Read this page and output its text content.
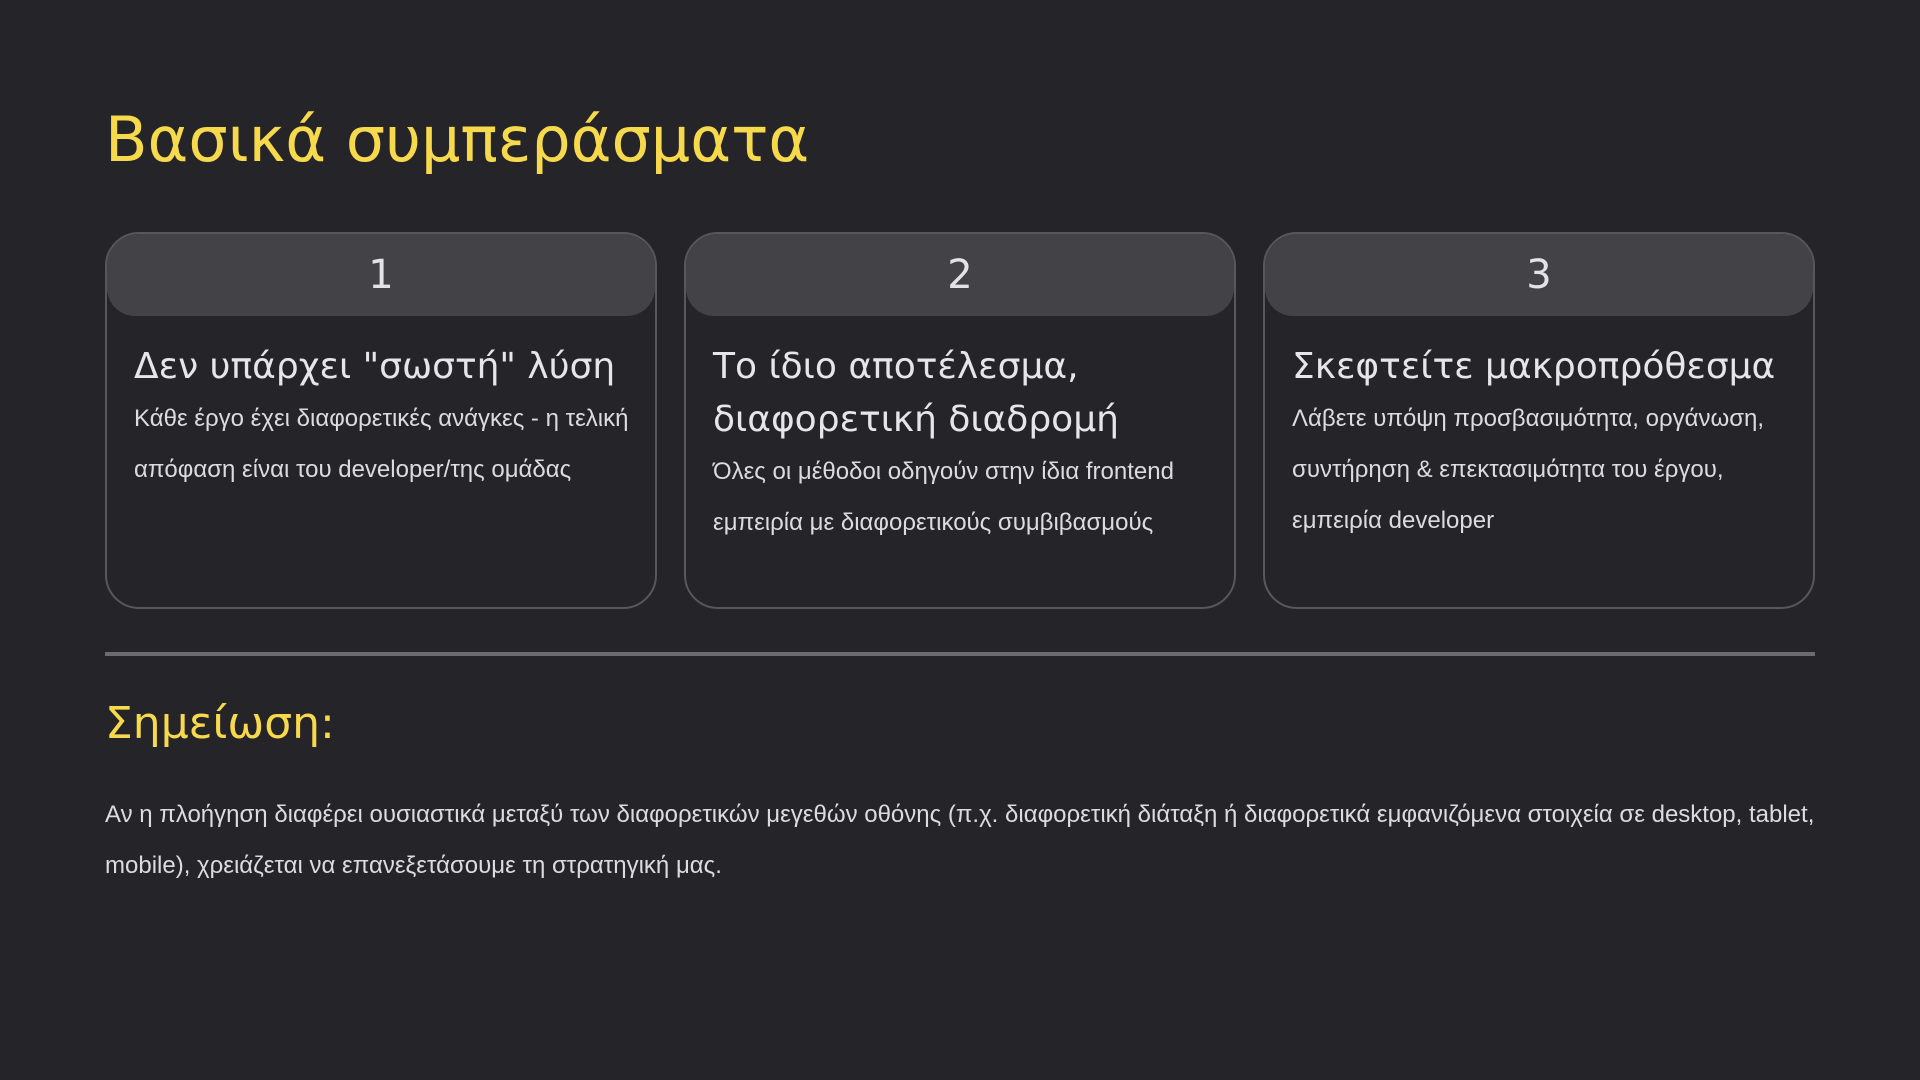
Βασικά συμπεράσματα
1
Δεν υπάρχει "σωστή" λύση
Κάθε έργο έχει διαφορετικές ανάγκες - η τελική απόφαση είναι του developer/της ομάδας
2
Το ίδιο αποτέλεσμα, διαφορετική διαδρομή
Όλες οι μέθοδοι οδηγούν στην ίδια frontend εμπειρία με διαφορετικούς συμβιβασμούς
3
Σκεφτείτε μακροπρόθεσμα
Λάβετε υπόψη προσβασιμότητα, οργάνωση, συντήρηση & επεκτασιμότητα του έργου, εμπειρία developer
Σημείωση:

Αν η πλοήγηση διαφέρει ουσιαστικά μεταξύ των διαφορετικών μεγεθών οθόνης (π.χ. διαφορετική διάταξη ή διαφορετικά εμφανιζόμενα στοιχεία σε desktop, tablet, mobile), χρειάζεται να επανεξετάσουμε τη στρατηγική μας.
